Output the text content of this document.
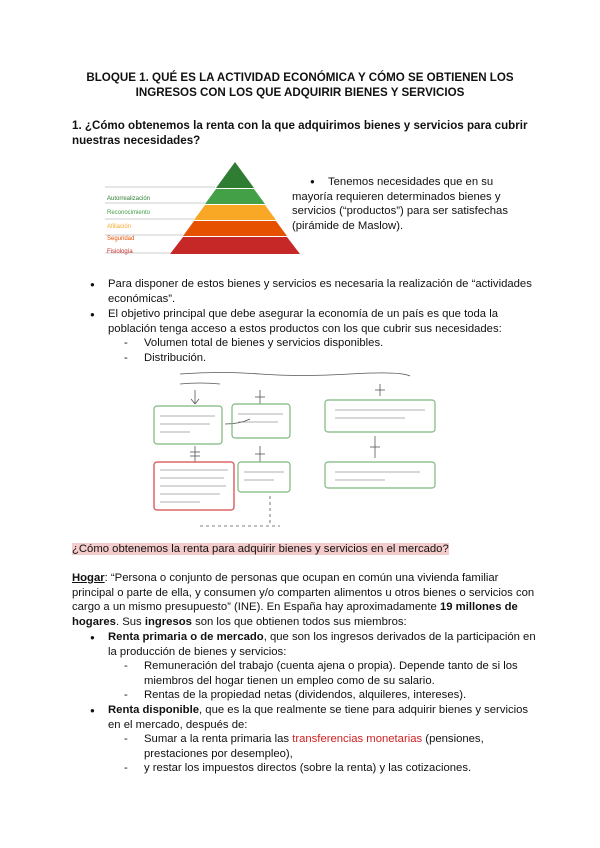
BLOQUE 1. QUÉ ES LA ACTIVIDAD ECONÓMICA Y CÓMO SE OBTIENEN LOS INGRESOS CON LOS QUE ADQUIRIR BIENES Y SERVICIOS
1. ¿Cómo obtenemos la renta con la que adquirimos bienes y servicios para cubrir nuestras necesidades?
Autorrealización
Reconocimiento
Afiliación
Seguridad
Fisiología
●	Tenemos necesidades que en su mayoría requieren determinados bienes y servicios (“productos”) para ser satisfechas (pirámide de Maslow).
● Para disponer de estos bienes y servicios es necesaria la realización de “actividades económicas”.
● El objetivo principal que debe asegurar la economía de un país es que toda la población tenga acceso a estos productos con los que cubrir sus necesidades:
- Volumen total de bienes y servicios disponibles.
- Distribución.
¿Cómo obtenemos la renta para adquirir bienes y servicios en el mercado?
Hogar: “Persona o conjunto de personas que ocupan en común una vivienda familiar principal o parte de ella, y consumen y/o comparten alimentos u otros bienes o servicios con cargo a un mismo presupuesto” (INE). En España hay aproximadamente 19 millones de hogares. Sus ingresos son los que obtienen todos sus miembros:
● Renta primaria o de mercado, que son los ingresos derivados de la participación en la producción de bienes y servicios:
- Remuneración del trabajo (cuenta ajena o propia). Depende tanto de si los miembros del hogar tienen un empleo como de su salario.
- Rentas de la propiedad netas (dividendos, alquileres, intereses).
● Renta disponible, que es la que realmente se tiene para adquirir bienes y servicios en el mercado, después de:
- Sumar a la renta primaria las transferencias monetarias (pensiones, prestaciones por desempleo),
- y restar los impuestos directos (sobre la renta) y las cotizaciones.
